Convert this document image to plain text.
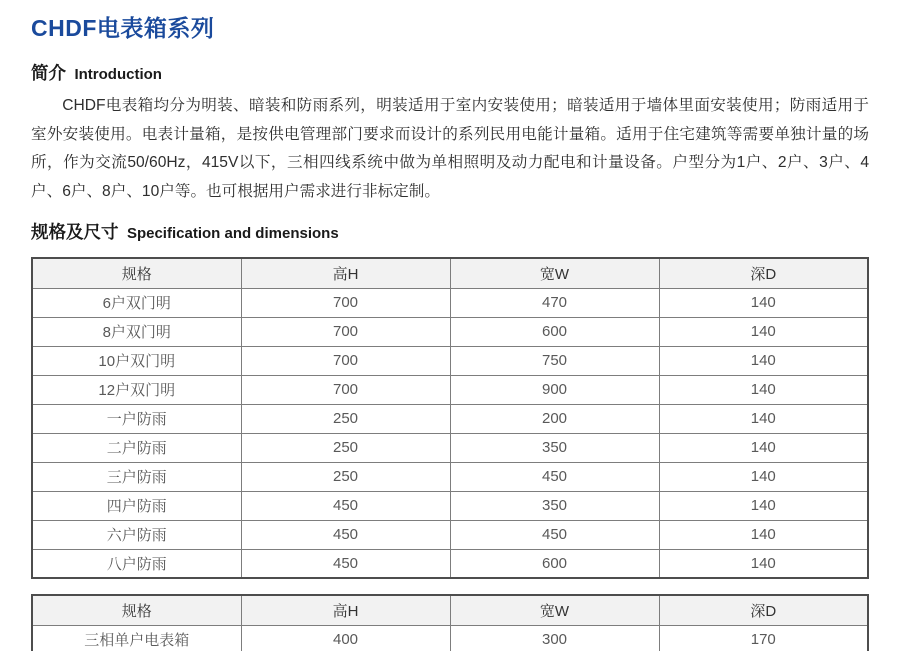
CHDF电表箱系列
简介 Introduction

CHDF电表箱均分为明装、暗装和防雨系列，明装适用于室内安装使用；暗装适用于墙体里面安装使用；防雨适用于室外安装使用。电表计量箱，是按供电管理部门要求而设计的系列民用电能计量箱。适用于住宅建筑等需要单独计量的场所，作为交流50/60Hz，415V以下，三相四线系统中做为单相照明及动力配电和计量设备。户型分为1户、2户、3户、4户、6户、8户、10户等。也可根据用户需求进行非标定制。

规格及尺寸 Specification and dimensions
规格	高H	宽W	深D
6户双门明	700	470	140
8户双门明	700	600	140
10户双门明	700	750	140
12户双门明	700	900	140
一户防雨	250	200	140
二户防雨	250	350	140
三户防雨	250	450	140
四户防雨	450	350	140
六户防雨	450	450	140
八户防雨	450	600	140
规格	高H	宽W	深D
三相单户电表箱	400	300	170
